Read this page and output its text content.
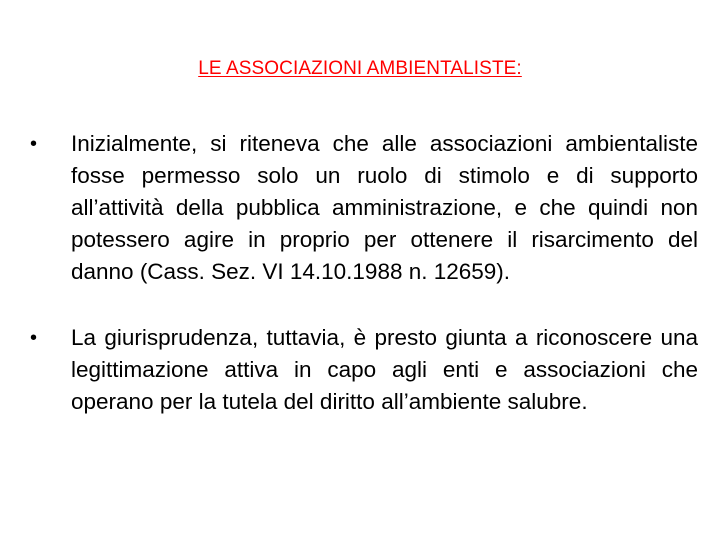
LE ASSOCIAZIONI AMBIENTALISTE:
• Inizialmente, si riteneva che alle associazioni ambientaliste fosse permesso solo un ruolo di stimolo e di supporto all’attività della pubblica amministrazione, e che quindi non potessero agire in proprio per ottenere il risarcimento del danno (Cass. Sez. VI 14.10.1988 n. 12659).
• La giurisprudenza, tuttavia, è presto giunta a riconoscere una legittimazione attiva in capo agli enti e associazioni che operano per la tutela del diritto all’ambiente salubre.
